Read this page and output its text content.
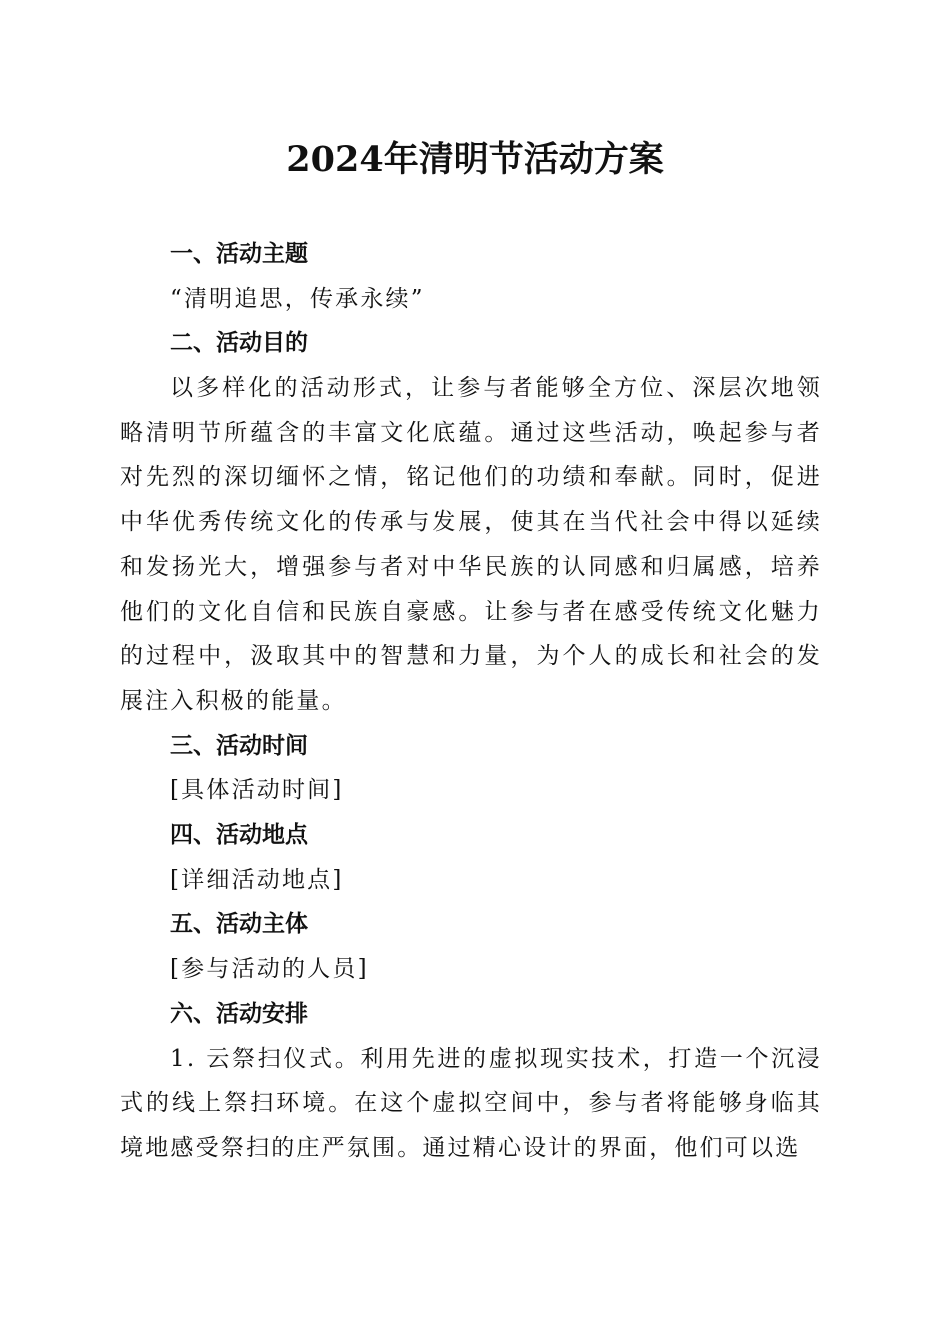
2024年清明节活动方案
一、活动主题

“清明追思，传承永续”

二、活动目的

以多样化的活动形式，让参与者能够全方位、深层次地领略清明节所蕴含的丰富文化底蕴。通过这些活动，唤起参与者对先烈的深切缅怀之情，铭记他们的功绩和奉献。同时，促进中华优秀传统文化的传承与发展，使其在当代社会中得以延续和发扬光大，增强参与者对中华民族的认同感和归属感，培养他们的文化自信和民族自豪感。让参与者在感受传统文化魅力的过程中，汲取其中的智慧和力量，为个人的成长和社会的发展注入积极的能量。

三、活动时间

[具体活动时间]

四、活动地点

[详细活动地点]

五、活动主体

[参与活动的人员]

六、活动安排

1. 云祭扫仪式。利用先进的虚拟现实技术，打造一个沉浸式的线上祭扫环境。在这个虚拟空间中，参与者将能够身临其境地感受祭扫的庄严氛围。通过精心设计的界面，他们可以选
